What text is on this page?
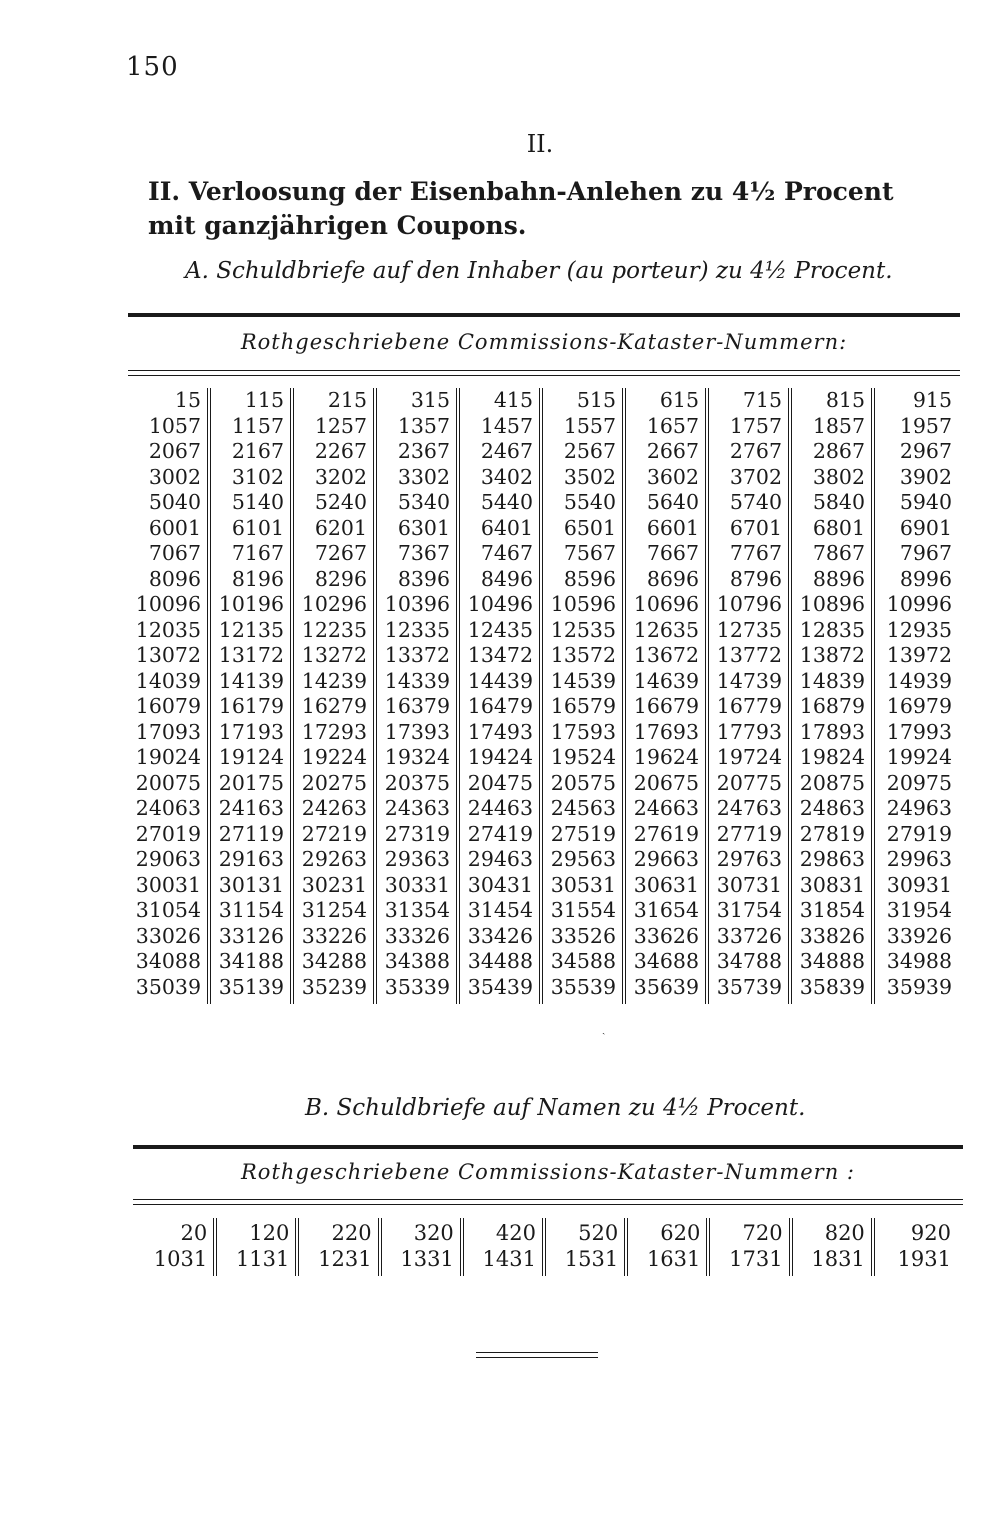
150
II.
II. Verloosung der Eisenbahn-Anlehen zu 4½ Procent mit ganzjährigen Coupons.
A. Schuldbriefe auf den Inhaber (au porteur) zu 4½ Procent.
Rothgeschriebene Commissions-Kataster-Nummern:
15
1057
2067
3002
5040
6001
7067
8096
10096
12035
13072
14039
16079
17093
19024
20075
24063
27019
29063
30031
31054
33026
34088
35039
115
1157
2167
3102
5140
6101
7167
8196
10196
12135
13172
14139
16179
17193
19124
20175
24163
27119
29163
30131
31154
33126
34188
35139
215
1257
2267
3202
5240
6201
7267
8296
10296
12235
13272
14239
16279
17293
19224
20275
24263
27219
29263
30231
31254
33226
34288
35239
315
1357
2367
3302
5340
6301
7367
8396
10396
12335
13372
14339
16379
17393
19324
20375
24363
27319
29363
30331
31354
33326
34388
35339
415
1457
2467
3402
5440
6401
7467
8496
10496
12435
13472
14439
16479
17493
19424
20475
24463
27419
29463
30431
31454
33426
34488
35439
515
1557
2567
3502
5540
6501
7567
8596
10596
12535
13572
14539
16579
17593
19524
20575
24563
27519
29563
30531
31554
33526
34588
35539
615
1657
2667
3602
5640
6601
7667
8696
10696
12635
13672
14639
16679
17693
19624
20675
24663
27619
29663
30631
31654
33626
34688
35639
715
1757
2767
3702
5740
6701
7767
8796
10796
12735
13772
14739
16779
17793
19724
20775
24763
27719
29763
30731
31754
33726
34788
35739
815
1857
2867
3802
5840
6801
7867
8896
10896
12835
13872
14839
16879
17893
19824
20875
24863
27819
29863
30831
31854
33826
34888
35839
915
1957
2967
3902
5940
6901
7967
8996
10996
12935
13972
14939
16979
17993
19924
20975
24963
27919
29963
30931
31954
33926
34988
35939
ˎ
B. Schuldbriefe auf Namen zu 4½ Procent.
Rothgeschriebene Commissions-Kataster-Nummern :
20
1031
120
1131
220
1231
320
1331
420
1431
520
1531
620
1631
720
1731
820
1831
920
1931
